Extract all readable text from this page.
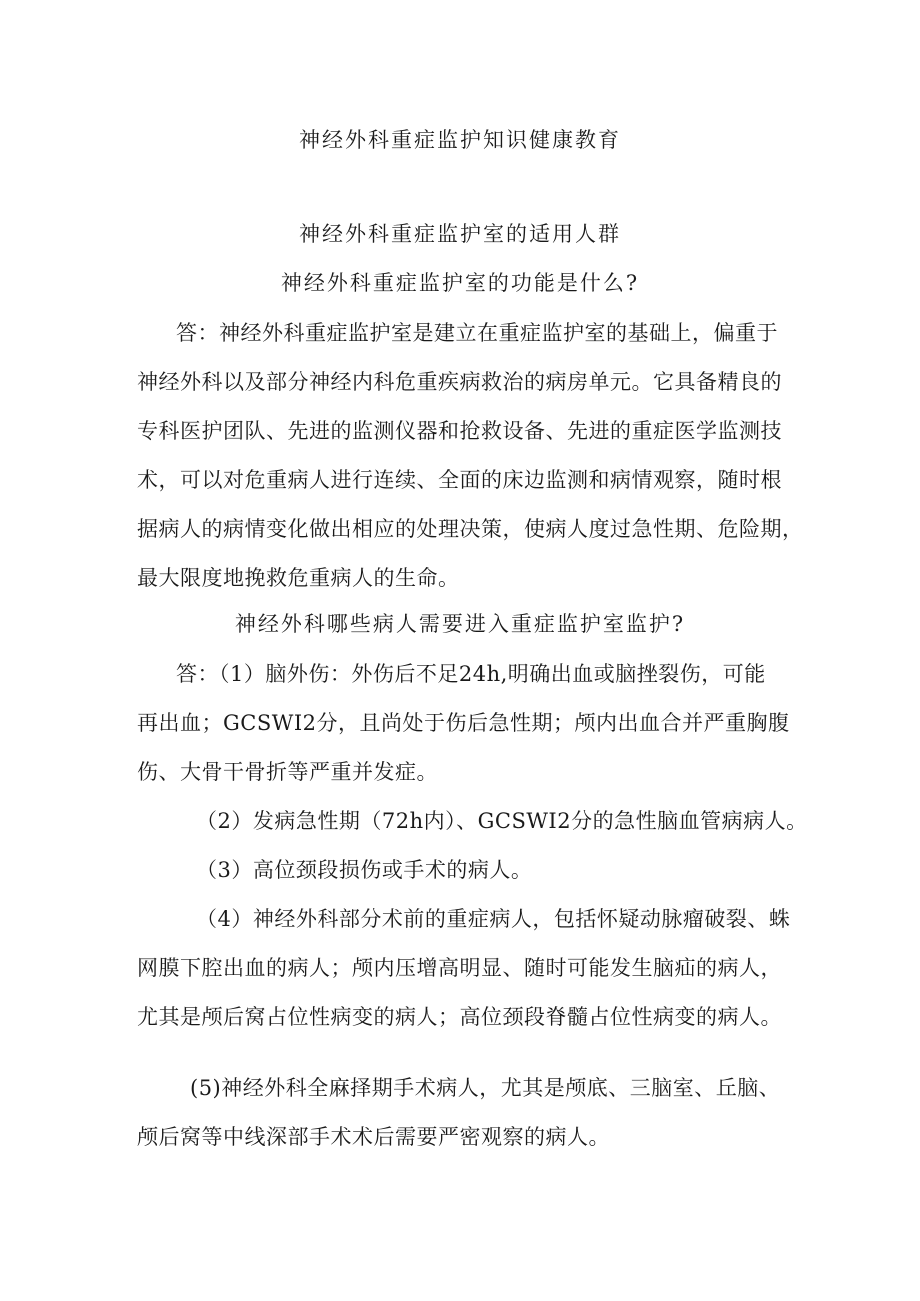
神经外科重症监护知识健康教育
神经外科重症监护室的适用人群
神经外科重症监护室的功能是什么?
答：神经外科重症监护室是建立在重症监护室的基础上，偏重于
神经外科以及部分神经内科危重疾病救治的病房单元。它具备精良的
专科医护团队、先进的监测仪器和抢救设备、先进的重症医学监测技
术，可以对危重病人进行连续、全面的床边监测和病情观察，随时根
据病人的病情变化做出相应的处理决策，使病人度过急性期、危险期，
最大限度地挽救危重病人的生命。
神经外科哪些病人需要进入重症监护室监护?
答：（1）脑外伤：外伤后不足24h,明确出血或脑挫裂伤，可能
再出血；GCSWI2分，且尚处于伤后急性期；颅内出血合并严重胸腹
伤、大骨干骨折等严重并发症。
（2）发病急性期（72h内）、GCSWI2分的急性脑血管病病人。
（3）高位颈段损伤或手术的病人。
（4）神经外科部分术前的重症病人，包括怀疑动脉瘤破裂、蛛
网膜下腔出血的病人；颅内压增高明显、随时可能发生脑疝的病人，
尤其是颅后窝占位性病变的病人；高位颈段脊髓占位性病变的病人。
(5)神经外科全麻择期手术病人，尤其是颅底、三脑室、丘脑、
颅后窝等中线深部手术术后需要严密观察的病人。
